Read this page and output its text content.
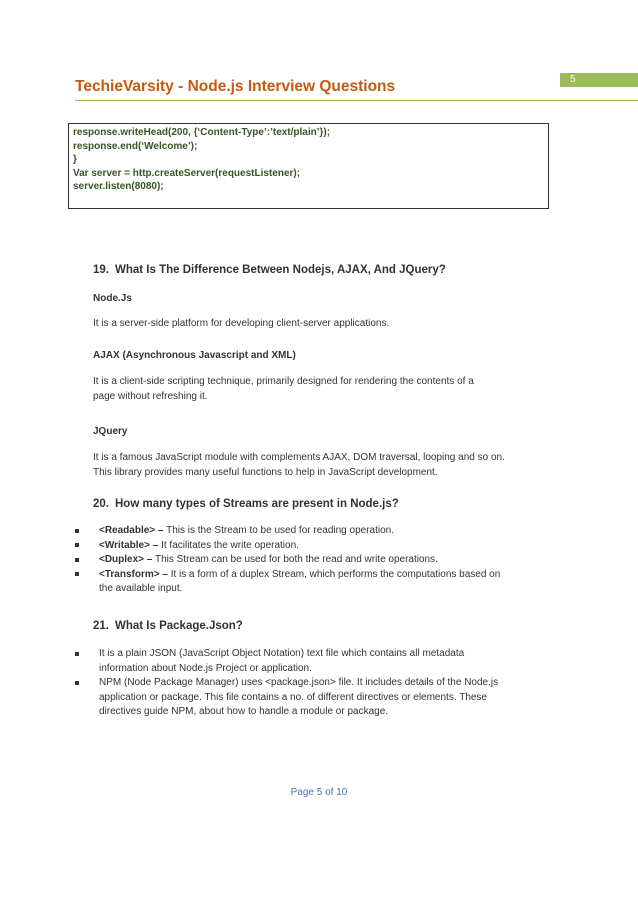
TechieVarsity - Node.js Interview Questions	5
response.writeHead(200, {‘Content-Type’:’text/plain’});
response.end(‘Welcome’);
}
Var server = http.createServer(requestListener);
server.listen(8080);
19. What Is The Difference Between Nodejs, AJAX, And JQuery?
Node.Js
It is a server-side platform for developing client-server applications.
AJAX (Asynchronous Javascript and XML)
It is a client-side scripting technique, primarily designed for rendering the contents of a
page without refreshing it.
JQuery
It is a famous JavaScript module with complements AJAX, DOM traversal, looping and so on.
This library provides many useful functions to help in JavaScript development.
20. How many types of Streams are present in Node.js?
<Readable> – This is the Stream to be used for reading operation.
<Writable> – It facilitates the write operation.
<Duplex> – This Stream can be used for both the read and write operations.
<Transform> – It is a form of a duplex Stream, which performs the computations based on
the available input.
21. What Is Package.Json?
It is a plain JSON (JavaScript Object Notation) text file which contains all metadata
information about Node.js Project or application.
NPM (Node Package Manager) uses <package.json> file. It includes details of the Node.js
application or package. This file contains a no. of different directives or elements. These
directives guide NPM, about how to handle a module or package.
Page 5 of 10
